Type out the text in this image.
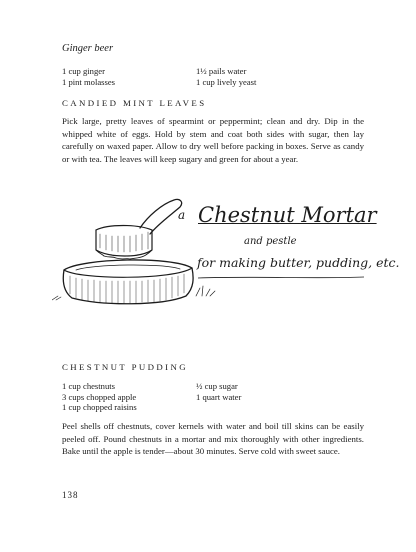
Ginger beer
1 cup ginger
1 pint molasses
1½ pails water
1 cup lively yeast
CANDIED MINT LEAVES
Pick large, pretty leaves of spearmint or peppermint; clean and dry. Dip in the whipped white of eggs. Hold by stem and coat both sides with sugar, then lay carefully on waxed paper. Allow to dry well before packing in boxes. Serve as candy or with tea. The leaves will keep sugary and green for about a year.
a Chestnut Mortar
and pestle
for making butter, pudding, etc.
CHESTNUT PUDDING
1 cup chestnuts
3 cups chopped apple
1 cup chopped raisins
½ cup sugar
1 quart water
Peel shells off chestnuts, cover kernels with water and boil till skins can be easily peeled off. Pound chestnuts in a mortar and mix thoroughly with other ingredients. Bake until the apple is tender—about 30 minutes. Serve cold with sweet sauce.
138
